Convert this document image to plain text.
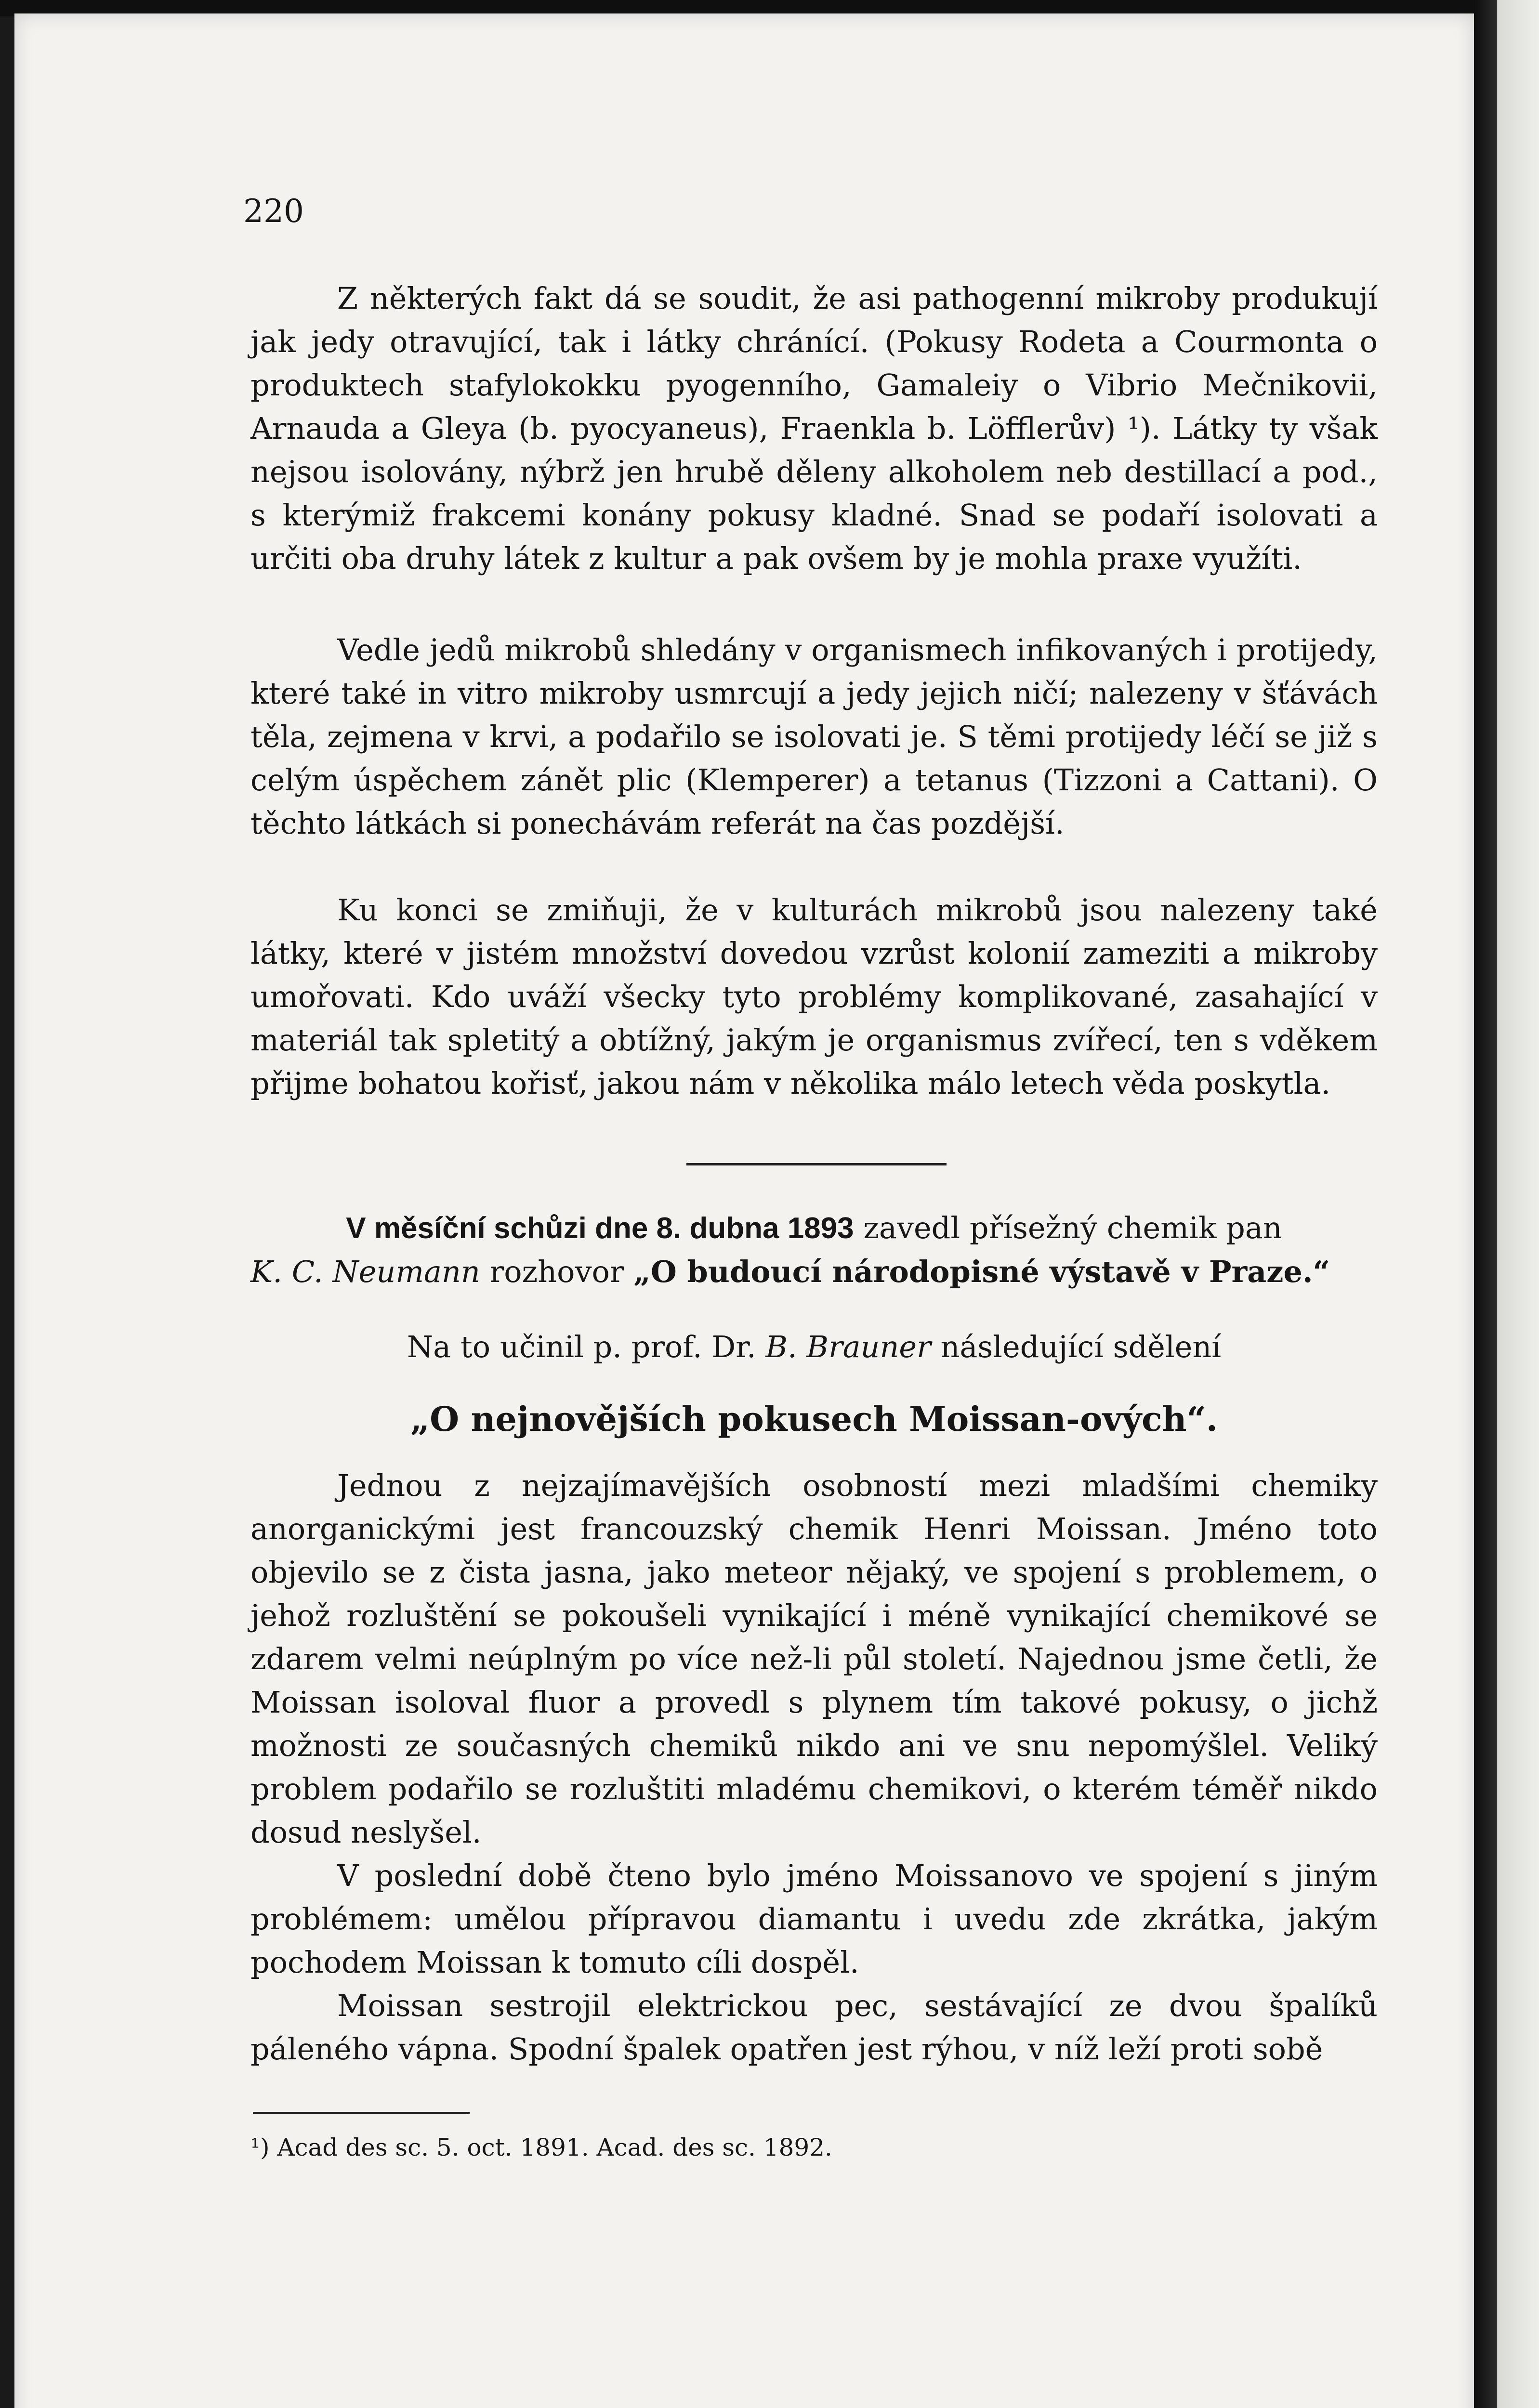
220

Z některých fakt dá se soudit, že asi pathogenní mikroby produkují jak jedy otravující, tak i látky chránící. (Pokusy Rodeta a Courmonta o produktech stafylokokku pyogenního, Gamaleiy o Vibrio Mečnikovii, Arnauda a Gleya (b. pyocyaneus), Fraenkla b. Löfflerův) ¹). Látky ty však nejsou isolovány, nýbrž jen hrubě děleny alkoholem neb destillací a pod., s kterýmiž frakcemi konány pokusy kladné. Snad se podaří isolovati a určiti oba druhy látek z kultur a pak ovšem by je mohla praxe využíti.

Vedle jedů mikrobů shledány v organismech infikovaných i protijedy, které také in vitro mikroby usmrcují a jedy jejich ničí; nalezeny v šťávách těla, zejmena v krvi, a podařilo se isolovati je. S těmi protijedy léčí se již s celým úspěchem zánět plic (Klemperer) a tetanus (Tizzoni a Cattani). O těchto látkách si ponechávám referát na čas pozdější.

Ku konci se zmiňuji, že v kulturách mikrobů jsou nalezeny také látky, které v jistém množství dovedou vzrůst kolonií zameziti a mikroby umořovati. Kdo uváží všecky tyto problémy komplikované, zasahající v materiál tak spletitý a obtížný, jakým je organismus zvířecí, ten s vděkem přijme bohatou kořisť, jakou nám v několika málo letech věda poskytla.

V měsíční schůzi dne 8. dubna 1893 zavedl přísežný chemik pan

K. C. Neumann rozhovor „O budoucí národopisné výstavě v Praze.“
Na to učinil p. prof. Dr. B. Brauner následující sdělení
„O nejnovějších pokusech Moissan-ových“.

Jednou z nejzajímavějších osobností mezi mladšími chemiky anorganickými jest francouzský chemik Henri Moissan. Jméno toto objevilo se z čista jasna, jako meteor nějaký, ve spojení s problemem, o jehož rozluštění se pokoušeli vynikající i méně vynikající chemikové se zdarem velmi neúplným po více než-li půl století. Najednou jsme četli, že Moissan isoloval fluor a provedl s plynem tím takové pokusy, o jichž možnosti ze současných chemiků nikdo ani ve snu nepomýšlel. Veliký problem podařilo se rozluštiti mladému chemikovi, o kterém téměř nikdo dosud neslyšel.

V poslední době čteno bylo jméno Moissanovo ve spojení s jiným problémem: umělou přípravou diamantu i uvedu zde zkrátka, jakým pochodem Moissan k tomuto cíli dospěl.

Moissan sestrojil elektrickou pec, sestávající ze dvou špalíků páleného vápna. Spodní špalek opatřen jest rýhou, v níž leží proti sobě

¹) Acad des sc. 5. oct. 1891. Acad. des sc. 1892.
